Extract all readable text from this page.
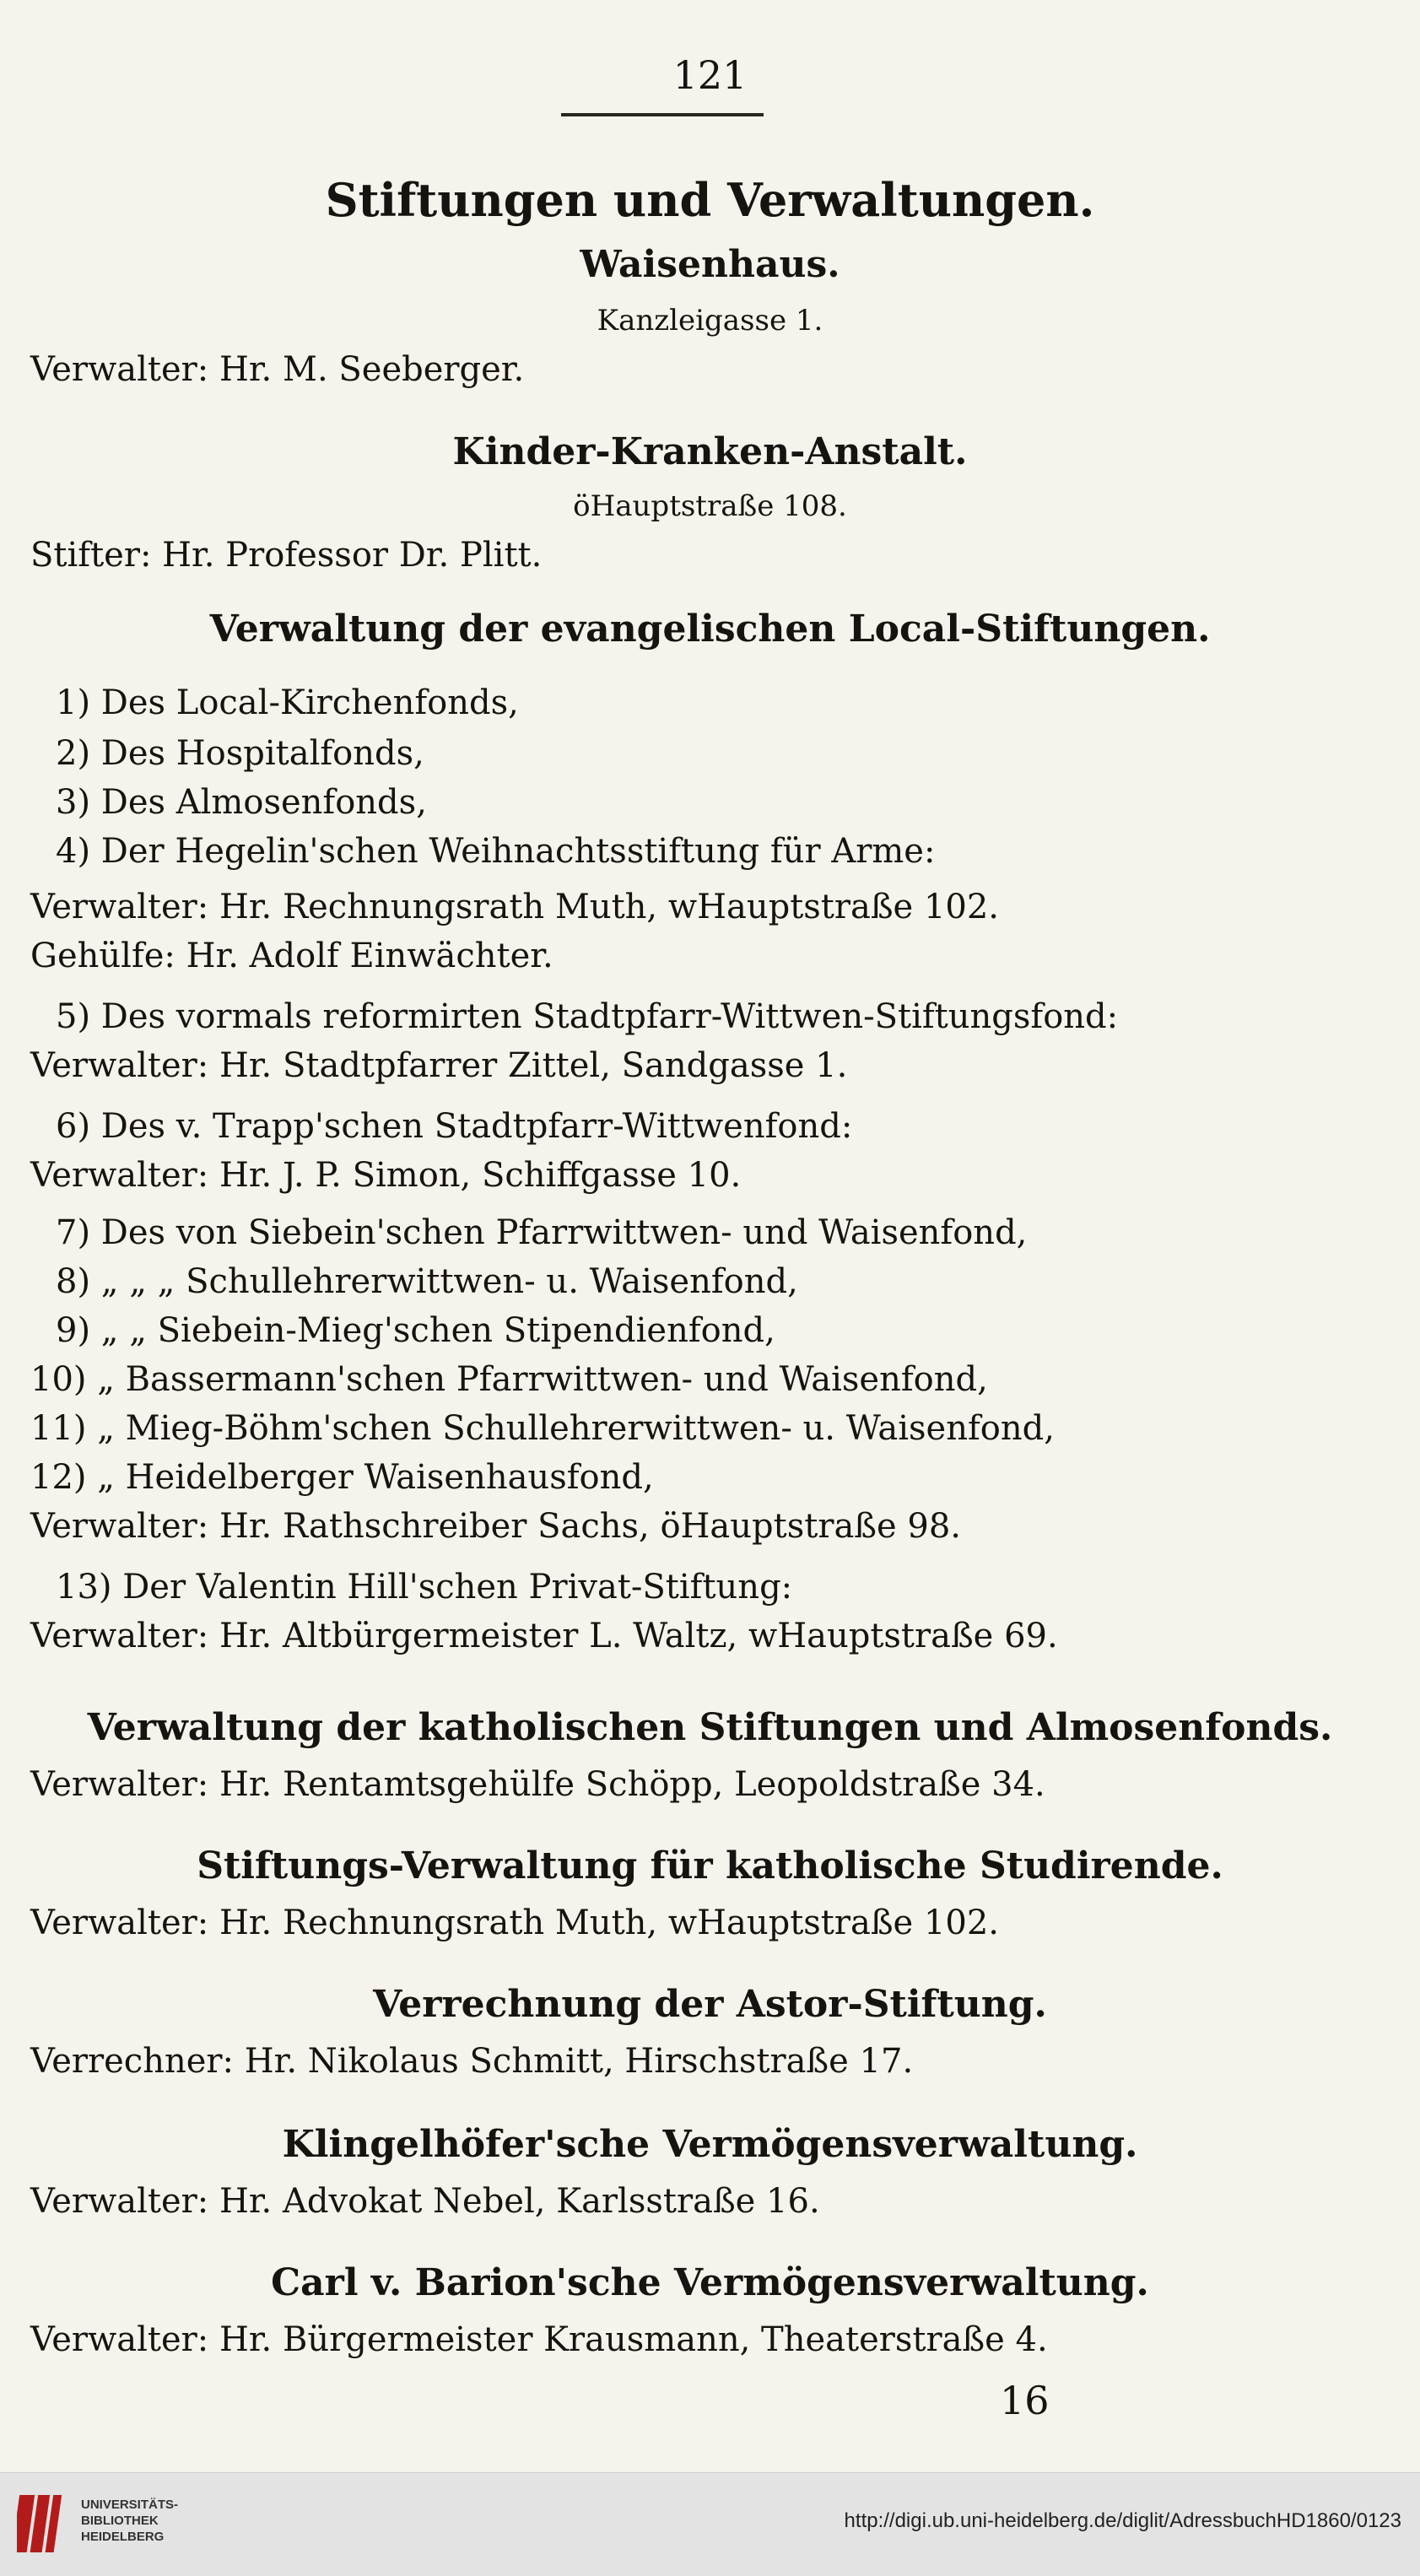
121
Stiftungen und Verwaltungen.
Waisenhaus.
Kanzleigasse 1.
Verwalter: Hr. M. Seeberger.
Kinder-Kranken-Anstalt.
öHauptstraße 108.
Stifter: Hr. Professor Dr. Plitt.
Verwaltung der evangelischen Local-Stiftungen.
1) Des Local-Kirchenfonds,
2) Des Hospitalfonds,
3) Des Almosenfonds,
4) Der Hegelin'schen Weihnachtsstiftung für Arme:
Verwalter: Hr. Rechnungsrath Muth, wHauptstraße 102.
Gehülfe: Hr. Adolf Einwächter.
5) Des vormals reformirten Stadtpfarr-Wittwen-Stiftungsfond:
Verwalter: Hr. Stadtpfarrer Zittel, Sandgasse 1.
6) Des v. Trapp'schen Stadtpfarr-Wittwenfond:
Verwalter: Hr. J. P. Simon, Schiffgasse 10.
7) Des von Siebein'schen Pfarrwittwen- und Waisenfond,
8) „ „ „ Schullehrerwittwen- u. Waisenfond,
9) „ „ Siebein-Mieg'schen Stipendienfond,
10) „ Bassermann'schen Pfarrwittwen- und Waisenfond,
11) „ Mieg-Böhm'schen Schullehrerwittwen- u. Waisenfond,
12) „ Heidelberger Waisenhausfond,
Verwalter: Hr. Rathschreiber Sachs, öHauptstraße 98.
13) Der Valentin Hill'schen Privat-Stiftung:
Verwalter: Hr. Altbürgermeister L. Waltz, wHauptstraße 69.
Verwaltung der katholischen Stiftungen und Almosenfonds.
Verwalter: Hr. Rentamtsgehülfe Schöpp, Leopoldstraße 34.
Stiftungs-Verwaltung für katholische Studirende.
Verwalter: Hr. Rechnungsrath Muth, wHauptstraße 102.
Verrechnung der Astor-Stiftung.
Verrechner: Hr. Nikolaus Schmitt, Hirschstraße 17.
Klingelhöfer'sche Vermögensverwaltung.
Verwalter: Hr. Advokat Nebel, Karlsstraße 16.
Carl v. Barion'sche Vermögensverwaltung.
Verwalter: Hr. Bürgermeister Krausmann, Theaterstraße 4.
16
UNIVERSITÄTS-
BIBLIOTHEK
HEIDELBERG
http://digi.ub.uni-heidelberg.de/diglit/AdressbuchHD1860/0123
